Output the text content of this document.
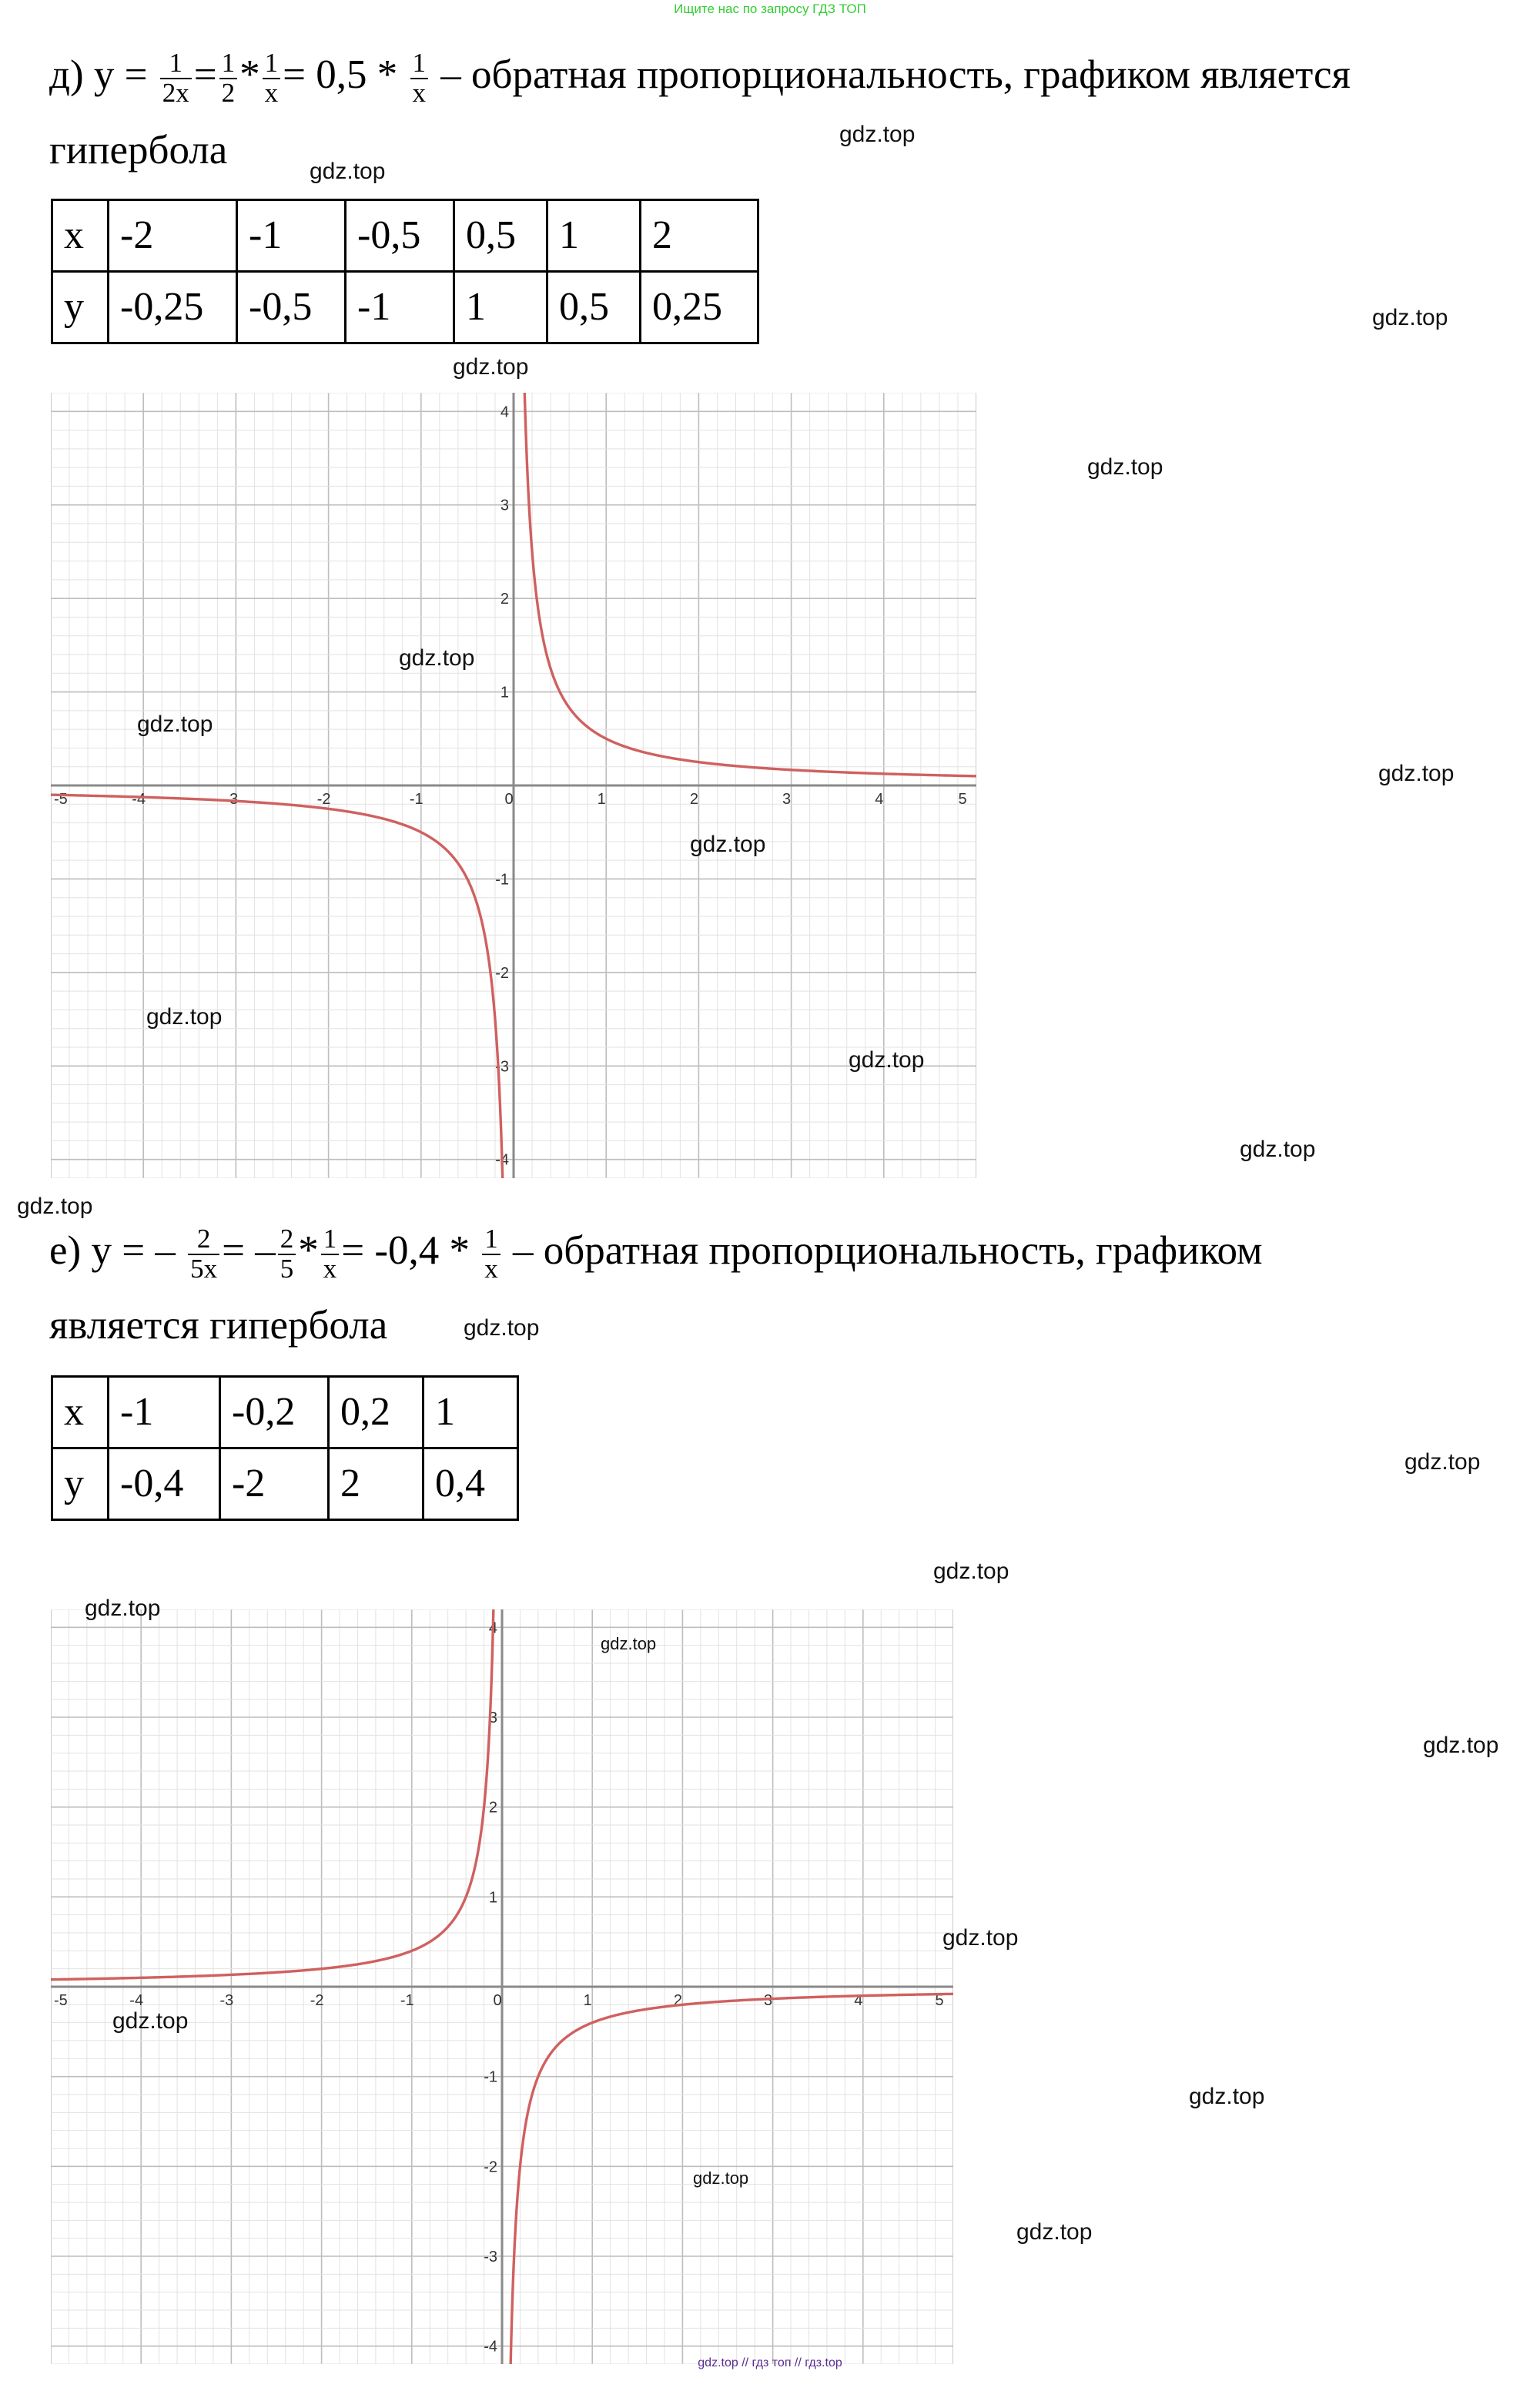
Ищите нас по запросу ГДЗ ТОП
д) $у = \frac{1}{2x} = \frac{1}{2} * \frac{1}{x} = 0,5 * \frac{1}{x}$ – обратная пропорциональность, графиком является
гипербола
x	-2	-1	-0,5	0,5	1	2
y	-0,25	-0,5	-1	1	0,5	0,25
-5	-4	-3	-2	-1	0	1	2	3	4	5
4
3
2
1
-1
-2
-3
-4
е) у = – $\frac{2}{5x}$ = – $\frac{2}{5} * \frac{1}{x} = -0,4 * \frac{1}{x}$ – обратная пропорциональность, графиком
является гипербола
x	-1	-0,2	0,2	1
y	-0,4	-2	2	0,4
-5	-4	-3	-2	-1	0	1	2	3	4	5
4
3
2
1
-1
-2
-3
-4
gdz.top
gdz.top
gdz.top
gdz.top
gdz.top
gdz.top
gdz.top
gdz.top
gdz.top
gdz.top
gdz.top
gdz.top
gdz.top
gdz.top
gdz.top
gdz.top
gdz.top
gdz.top
gdz.top
gdz.top
gdz.top
gdz.top
gdz.top
gdz.top
gdz.top // гдз топ // гдз.top
